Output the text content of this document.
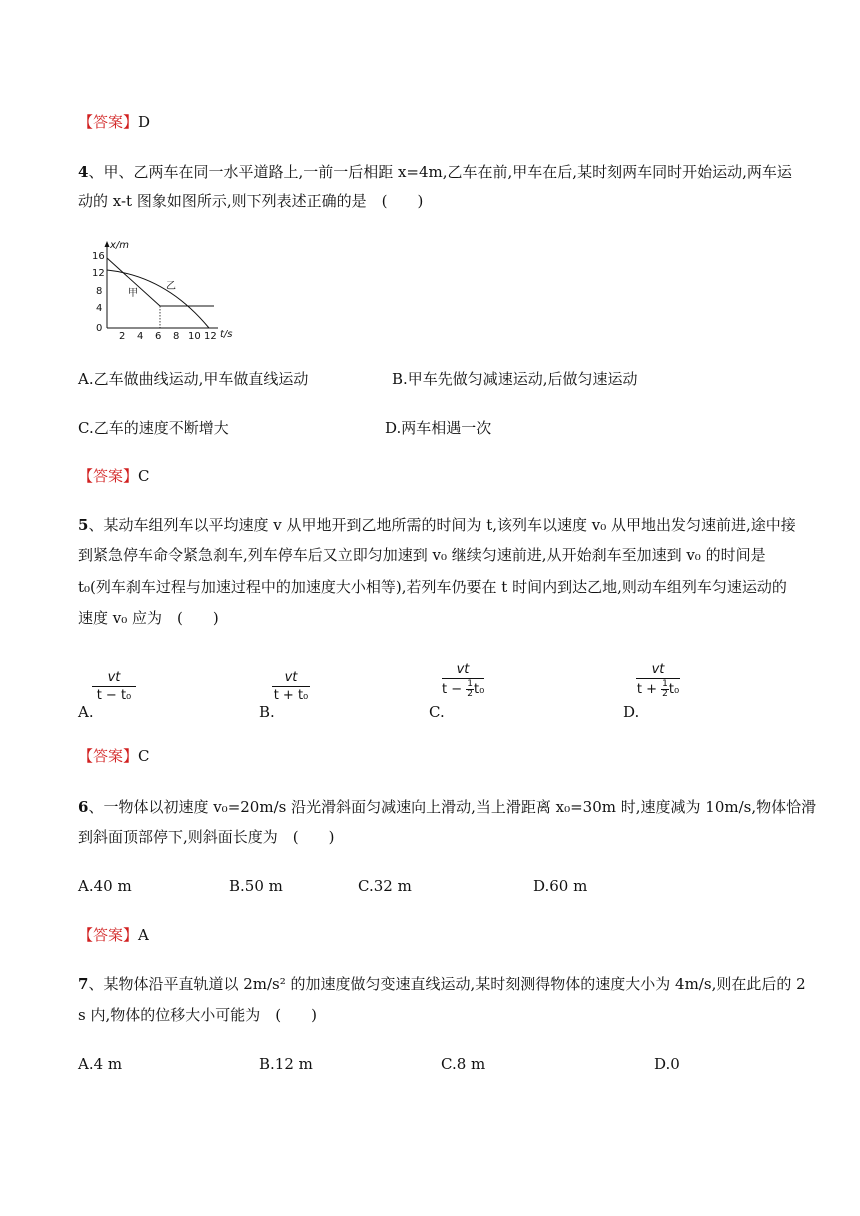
【答案】D
4、甲、乙两车在同一水平道路上,一前一后相距 x=4m,乙车在前,甲车在后,某时刻两车同时开始运动,两车运
动的 x-t 图象如图所示,则下列表述正确的是　(　　)
x/m
t/s
16
12
8
4
0
2 4 6 8 10 12
甲
乙
A.乙车做曲线运动,甲车做直线运动	B.甲车先做匀减速运动,后做匀速运动
C.乙车的速度不断增大	D.两车相遇一次
【答案】C
5、某动车组列车以平均速度 v 从甲地开到乙地所需的时间为 t,该列车以速度 v₀ 从甲地出发匀速前进,途中接
到紧急停车命令紧急刹车,列车停车后又立即匀加速到 v₀ 继续匀速前进,从开始刹车至加速到 v₀ 的时间是
t₀(列车刹车过程与加速过程中的加速度大小相等),若列车仍要在 t 时间内到达乙地,则动车组列车匀速运动的
速度 v₀ 应为　(　　)
A.
vt
t − t₀
B.
vt
t + t₀
C.
vt
$t - \frac{1}{2} t_0$
D.
vt
$t + \frac{1}{2} t_0$
【答案】C
6、一物体以初速度 v₀=20m/s 沿光滑斜面匀减速向上滑动,当上滑距离 x₀=30m 时,速度减为 10m/s,物体恰滑
到斜面顶部停下,则斜面长度为　(　　)
A.40 m	B.50 m	C.32 m	D.60 m
【答案】A
7、某物体沿平直轨道以 2m/s² 的加速度做匀变速直线运动,某时刻测得物体的速度大小为 4m/s,则在此后的 2
s 内,物体的位移大小可能为　(　　)
A.4 m	B.12 m	C.8 m	D.0
